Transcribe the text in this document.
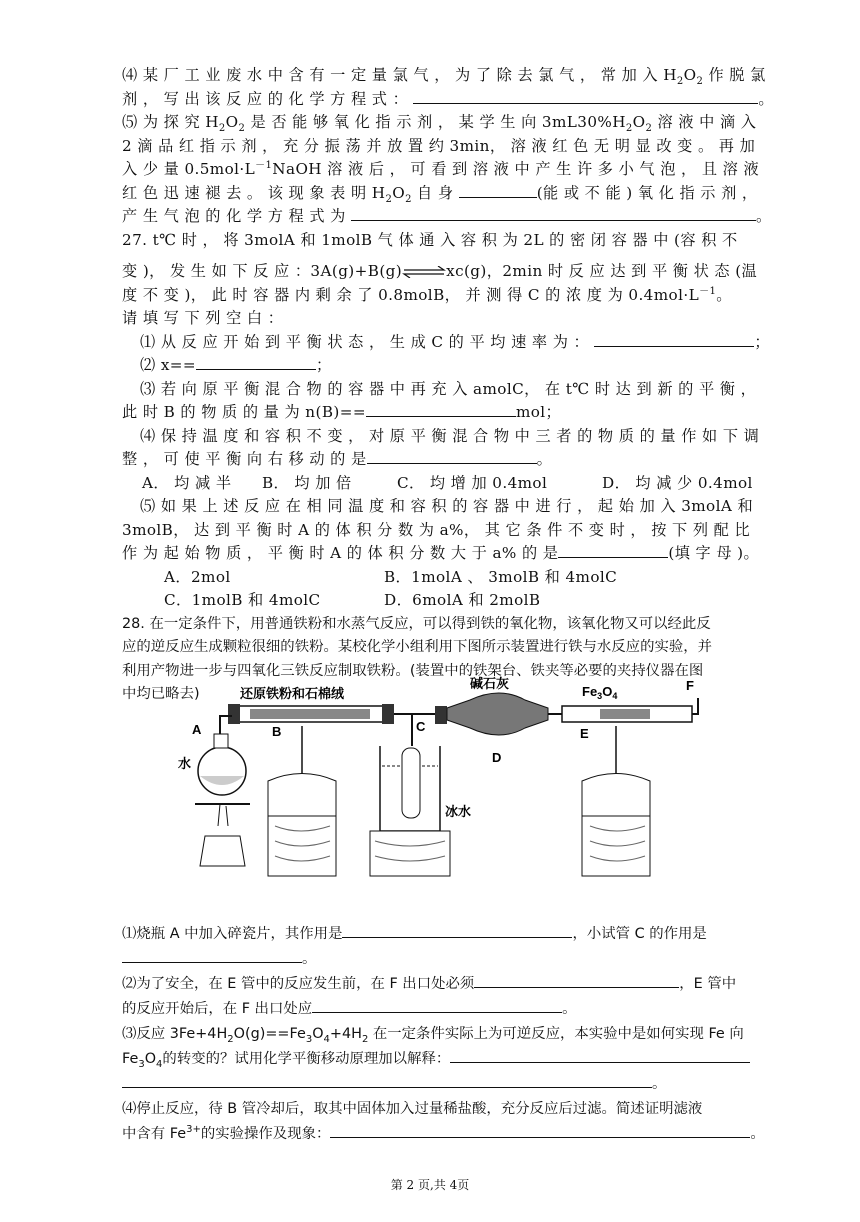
⑷ 某 厂 工 业 废 水 中 含 有 一 定 量 氯 气 ， 为 了 除 去 氯 气 ， 常 加 入 $H_2O_2$ 作 脱 氯
剂 ， 写 出 该 反 应 的 化 学 方 程 式 ：	。
⑸ 为 探 究 $H_2O_2$ 是 否 能 够 氧 化 指 示 剂 ， 某 学 生 向 $3mL30\%H_2O_2$ 溶 液 中 滴 入
2 滴 品 红 指 示 剂 ， 充 分 振 荡 并 放 置 约 3min， 溶 液 红 色 无 明 显 改 变 。 再 加
入 少 量 $0.5mol\cdot L^{-1}NaOH$ 溶 液 后 ， 可 看 到 溶 液 中 产 生 许 多 小 气 泡 ， 且 溶 液
红 色 迅 速 褪 去 。 该 现 象 表 明 $H_2O_2$ 自 身	(能 或 不 能 ) 氧 化 指 示 剂 ，
产 生 气 泡 的 化 学 方 程 式 为	。
27. t℃ 时 ， 将 3molA 和 1molB 气 体 通 入 容 积 为 2L 的 密 闭 容 器 中 (容 积 不
变 )， 发 生 如 下 反 应 ：3A(g)+B(g)⇌xc(g)，2min 时 反 应 达 到 平 衡 状 态 (温
度 不 变 )， 此 时 容 器 内 剩 余 了 0.8molB， 并 测 得 C 的 浓 度 为 $0.4mol\cdot L^{-1}$。
请 填 写 下 列 空 白 ：
⑴ 从 反 应 开 始 到 平 衡 状 态 ， 生 成 C 的 平 均 速 率 为 ：	；
⑵ x==	；
⑶ 若 向 原 平 衡 混 合 物 的 容 器 中 再 充 入 amolC， 在 t℃ 时 达 到 新 的 平 衡 ，
此 时 B 的 物 质 的 量 为 n(B)==	mol；
⑷ 保 持 温 度 和 容 积 不 变 ， 对 原 平 衡 混 合 物 中 三 者 的 物 质 的 量 作 如 下 调
整 ， 可 使 平 衡 向 右 移 动 的 是	。
A． 均 减 半 B． 均 加 倍	C． 均 增 加 0.4mol	D． 均 减 少 0.4mol
⑸ 如 果 上 述 反 应 在 相 同 温 度 和 容 积 的 容 器 中 进 行 ， 起 始 加 入 3molA 和
3molB， 达 到 平 衡 时 A 的 体 积 分 数 为 a%， 其 它 条 件 不 变 时 ， 按 下 列 配 比
作 为 起 始 物 质 ， 平 衡 时 A 的 体 积 分 数 大 于 a% 的 是	(填 字 母 )。
A．2mol	B．1molA 、 3molB 和 4molC
C．1molB 和 4molC	D．6molA 和 2molB
28. 在一定条件下，用普通铁粉和水蒸气反应，可以得到铁的氧化物，该氧化物又可以经此反
应的逆反应生成颗粒很细的铁粉。某校化学小组利用下图所示装置进行铁与水反应的实验，并
利用产物进一步与四氧化三铁反应制取铁粉。(装置中的铁架台、铁夹等必要的夹持仪器在图
中均已略去)	还原铁粉和石棉绒
碱石灰
$Fe_3O_4$
F
A
水
B	C
D
E
冰水
⑴烧瓶 A 中加入碎瓷片，其作用是	，小试管 C 的作用是
。
⑵为了安全，在 E 管中的反应发生前，在 F 出口处必须	，E 管中
的反应开始后，在 F 出口处应	。
⑶反应 $3Fe+4H_2O(g)==Fe_3O_4+4H_2$ 在一定条件实际上为可逆反应，本实验中是如何实现 Fe 向
$Fe_3O_4$的转变的？试用化学平衡移动原理加以解释：
。
⑷停止反应，待 B 管冷却后，取其中固体加入过量稀盐酸，充分反应后过滤。简述证明滤液
中含有 $Fe^{3+}$的实验操作及现象：	。
第 2 页,共 4页
